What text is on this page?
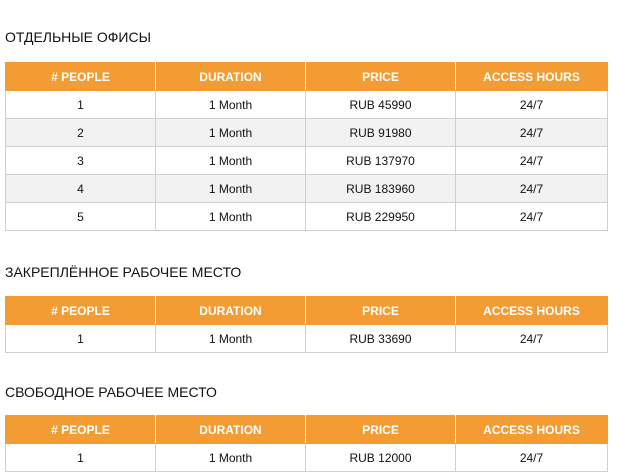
ОТДЕЛЬНЫЕ ОФИСЫ
# PEOPLE	DURATION	PRICE	ACCESS HOURS
1	1 Month	RUB 45990	24/7
2	1 Month	RUB 91980	24/7
3	1 Month	RUB 137970	24/7
4	1 Month	RUB 183960	24/7
5	1 Month	RUB 229950	24/7
ЗАКРЕПЛЁННОЕ РАБОЧЕЕ МЕСТО
# PEOPLE	DURATION	PRICE	ACCESS HOURS
1	1 Month	RUB 33690	24/7
СВОБОДНОЕ РАБОЧЕЕ МЕСТО
# PEOPLE	DURATION	PRICE	ACCESS HOURS
1	1 Month	RUB 12000	24/7
